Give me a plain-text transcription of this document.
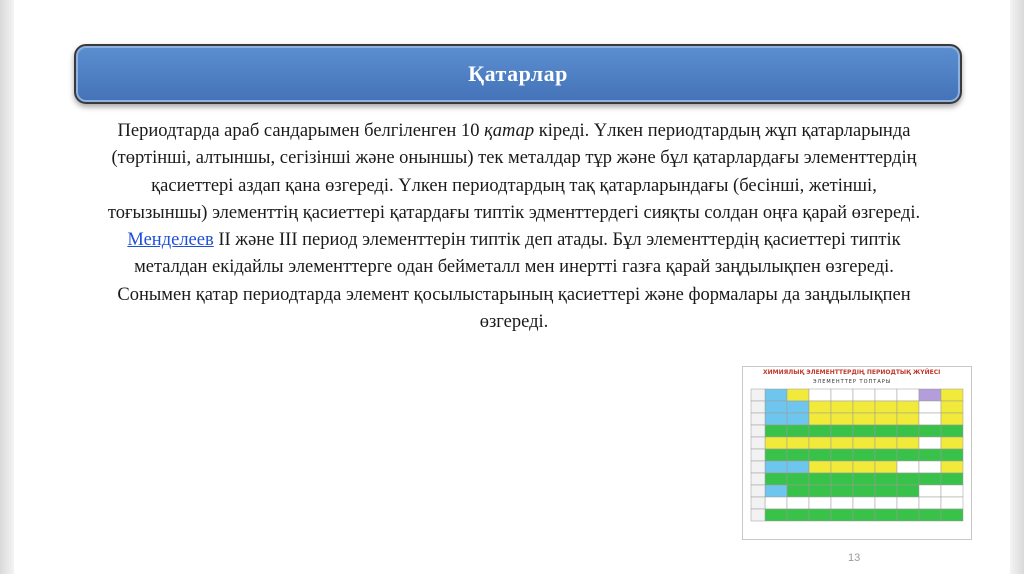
Қатарлар

Периодтарда араб сандарымен белгіленген 10 қатар кіреді. Үлкен периодтардың жұп қатарларында (төртінші, алтыншы, сегізінші және оныншы) тек металдар тұр және бұл қатарлардағы элементтердің қасиеттері аздап қана өзгереді. Үлкен периодтардың тақ қатарларындағы (бесінші, жетінші, тоғызыншы) элементтің қасиеттері қатардағы типтік эдменттердегі сияқты солдан оңға қарай өзгереді.

Менделеев II және III период элементтерін типтік деп атады. Бұл элементтердің қасиеттері типтік металдан екідайлы элементтерге одан бейметалл мен инертті газға қарай заңдылықпен өзгереді. Сонымен қатар периодтарда элемент қосылыстарының қасиеттері және формалары да заңдылықпен өзгереді.

ХИМИЯЛЫҚ ЭЛЕМЕНТТЕРДІҢ ПЕРИОДТЫҚ ЖҮЙЕСІ
ЭЛЕМЕНТТЕР ТОПТАРЫ
13
